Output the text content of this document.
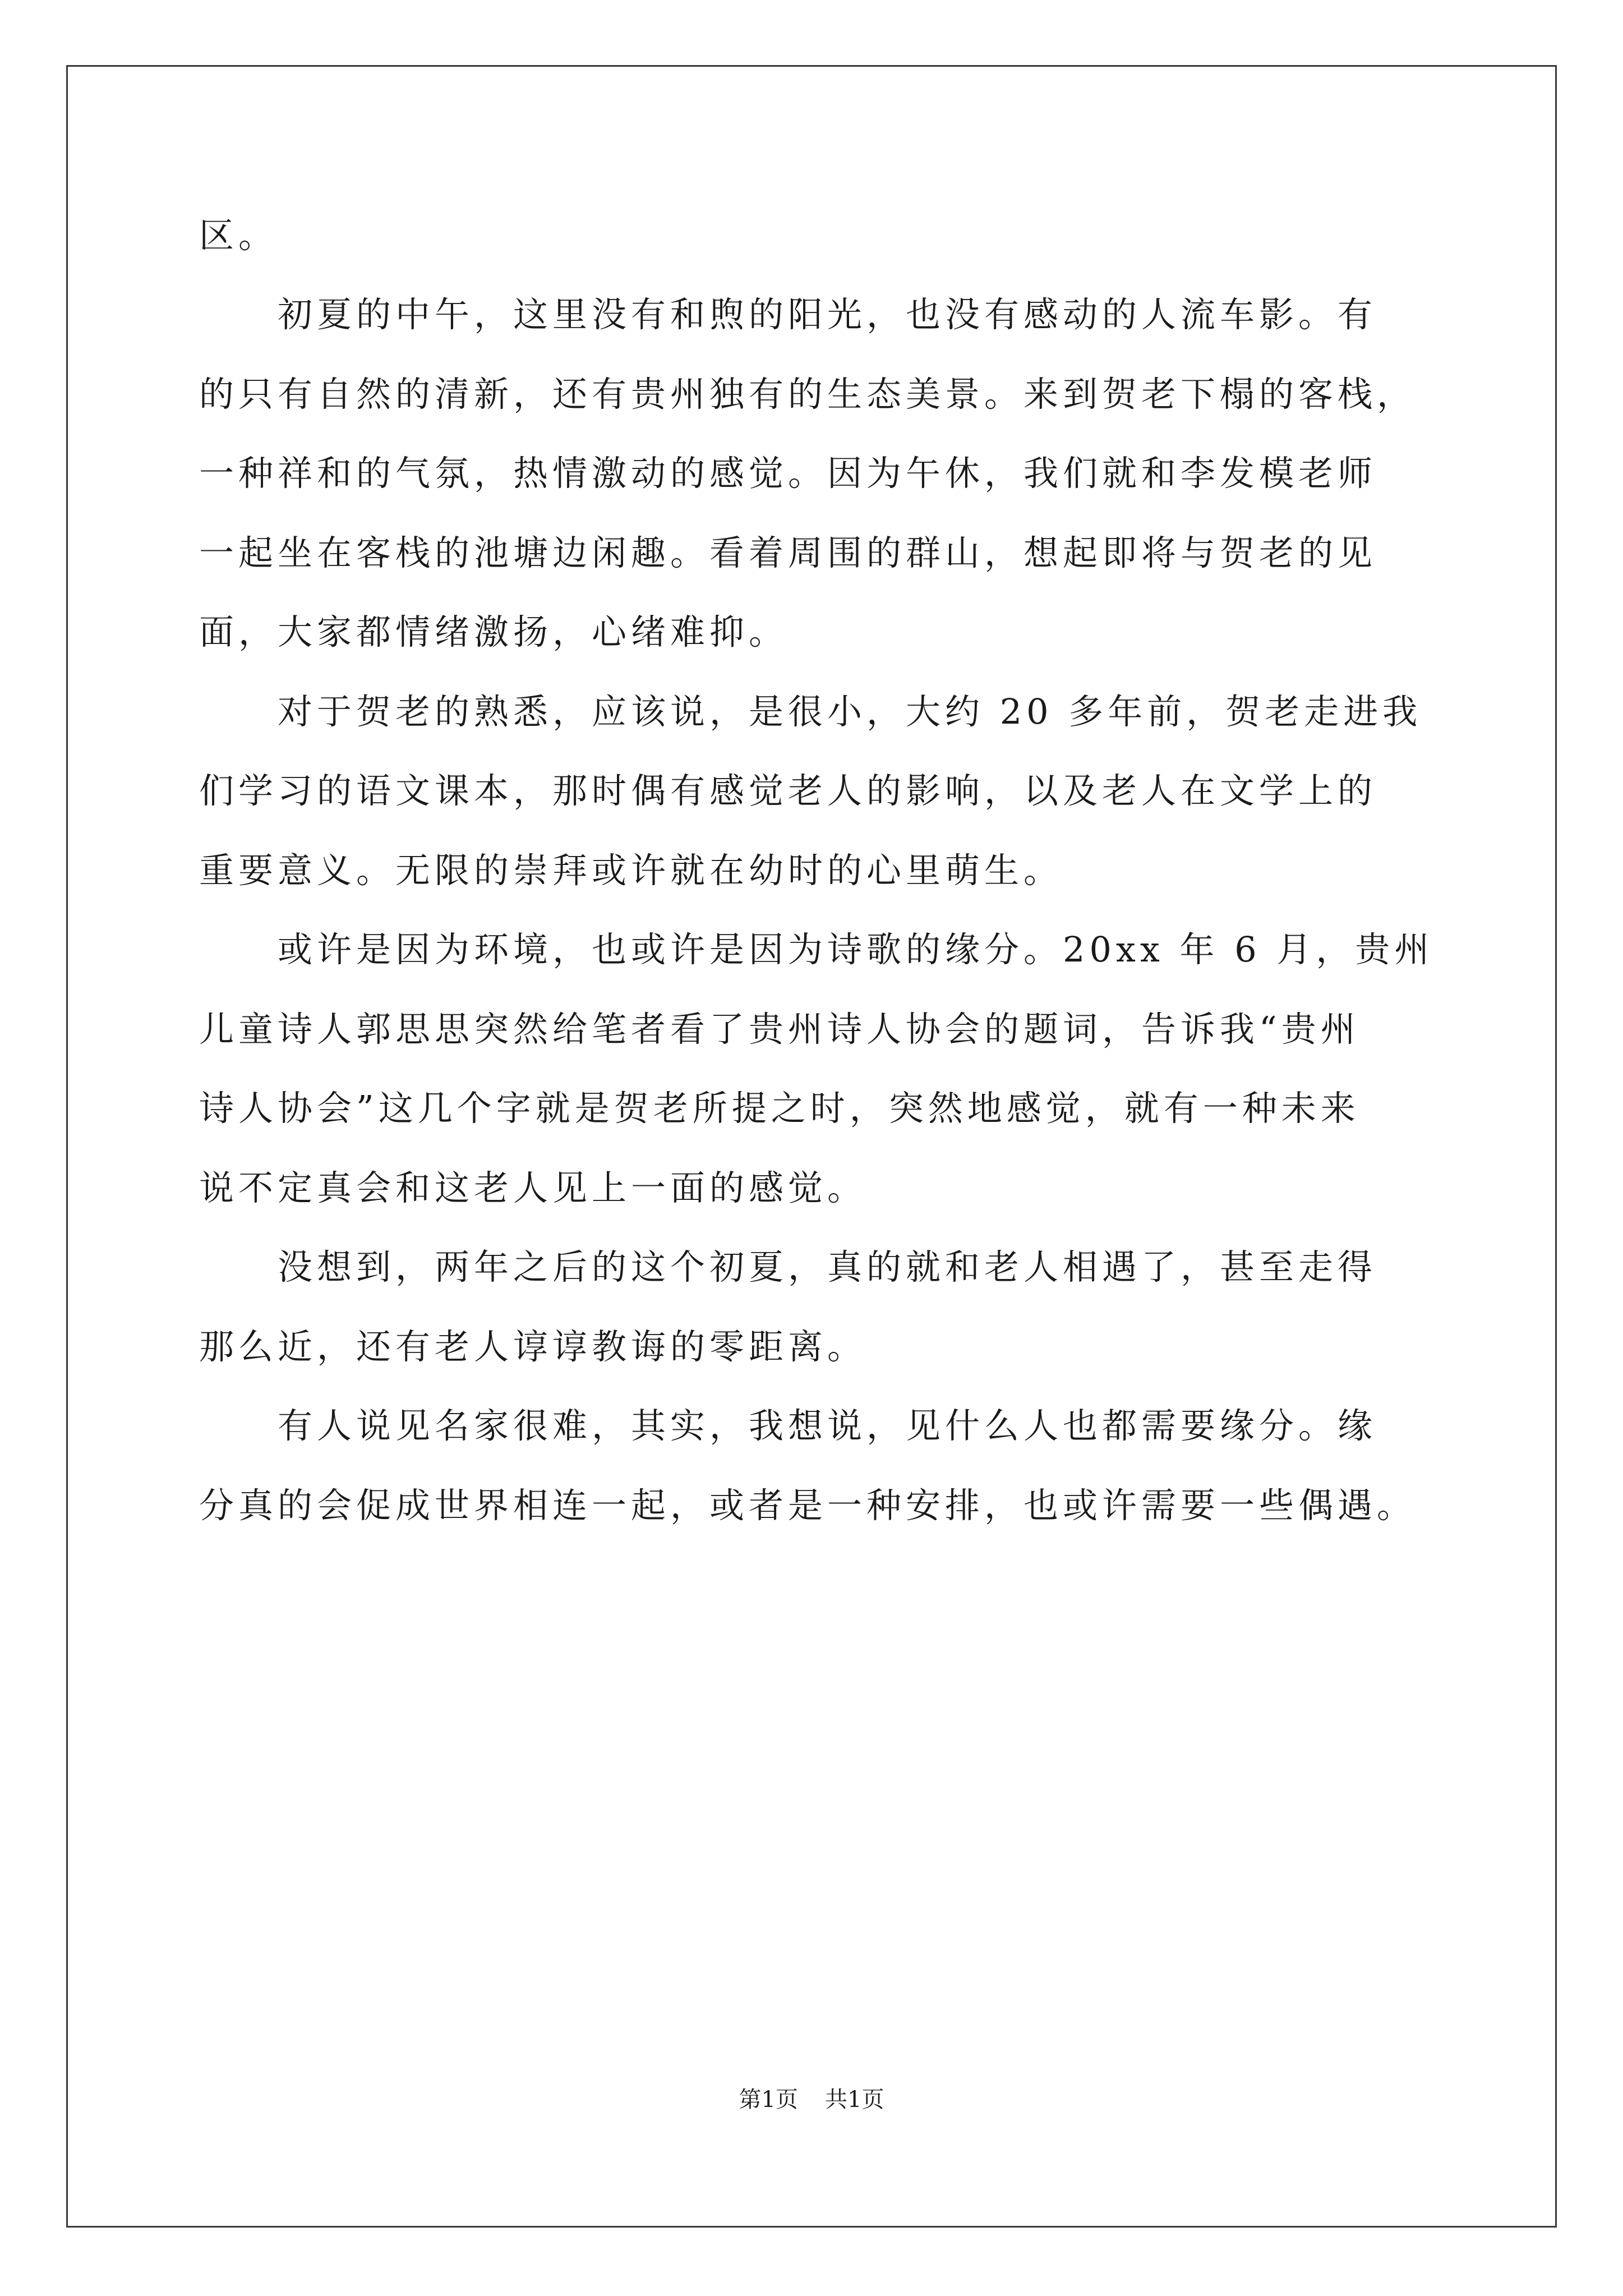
区。
初夏的中午，这里没有和煦的阳光，也没有感动的人流车影。有
的只有自然的清新，还有贵州独有的生态美景。来到贺老下榻的客栈，
一种祥和的气氛，热情激动的感觉。因为午休，我们就和李发模老师
一起坐在客栈的池塘边闲趣。看着周围的群山，想起即将与贺老的见
面，大家都情绪激扬，心绪难抑。
对于贺老的熟悉，应该说，是很小，大约 20 多年前，贺老走进我
们学习的语文课本，那时偶有感觉老人的影响，以及老人在文学上的
重要意义。无限的崇拜或许就在幼时的心里萌生。
或许是因为环境，也或许是因为诗歌的缘分。20xx 年 6 月，贵州
儿童诗人郭思思突然给笔者看了贵州诗人协会的题词，告诉我“贵州
诗人协会”这几个字就是贺老所提之时，突然地感觉，就有一种未来
说不定真会和这老人见上一面的感觉。
没想到，两年之后的这个初夏，真的就和老人相遇了，甚至走得
那么近，还有老人谆谆教诲的零距离。
有人说见名家很难，其实，我想说，见什么人也都需要缘分。缘
分真的会促成世界相连一起，或者是一种安排，也或许需要一些偶遇。
第1页 共1页
